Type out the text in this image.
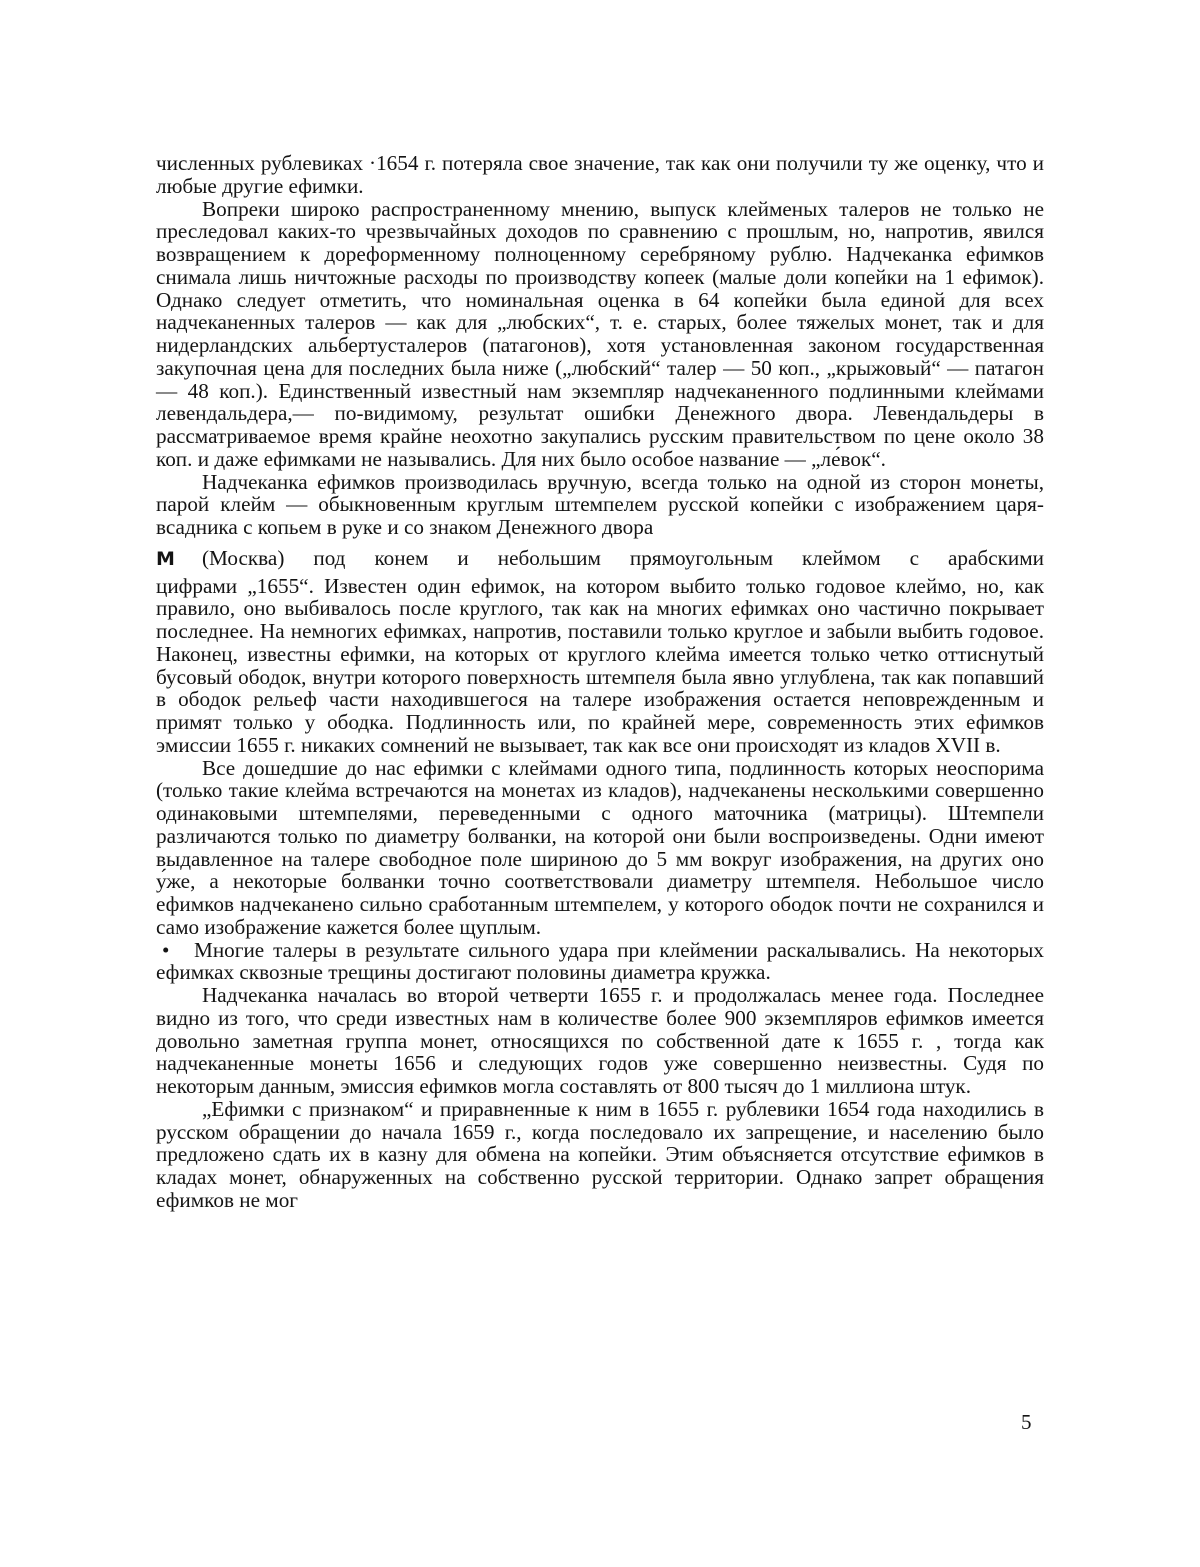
численных рублевиках ·1654 г. потеряла свое значение, так как они получили ту же оценку, что и любые другие ефимки.

Вопреки широко распространенному мнению, выпуск клейменых талеров не только не преследовал каких-то чрезвычайных доходов по сравнению с прошлым, но, напротив, явился возвращением к дореформенному полноценному серебряному рублю. Надчеканка ефимков снимала лишь ничтожные расходы по производству копеек (малые доли копейки на 1 ефимок). Однако следует отметить, что номинальная оценка в 64 копейки была единой для всех надчеканенных талеров — как для „любских“, т. е. старых, более тяжелых монет, так и для нидерландских альбертусталеров (патагонов), хотя установленная законом государственная закупочная цена для последних была ниже („любский“ талер — 50 коп., „крыжовый“ — патагон — 48 коп.). Единственный известный нам экземпляр надчеканенного подлинными клеймами левендальдера,— по-видимому, результат ошибки Денежного двора. Левендальдеры в рассматриваемое время крайне неохотно закупались русским правительством по цене около 38 коп. и даже ефимками не назывались. Для них было особое название — „ле́вок“.

Надчеканка ефимков производилась вручную, всегда только на одной из сторон монеты, парой клейм — обыкновенным круглым штемпелем русской копейки с изображением царя-всадника с копьем в руке и со знаком Денежного двора

M (Москва) под конем и небольшим прямоугольным клеймом с арабскими

цифрами „1655“. Известен один ефимок, на котором выбито только годовое клеймо, но, как правило, оно выбивалось после круглого, так как на многих ефимках оно частично покрывает последнее. На немногих ефимках, напротив, поставили только круглое и забыли выбить годовое. Наконец, известны ефимки, на которых от круглого клейма имеется только четко оттиснутый бусовый ободок, внутри которого поверхность штемпеля была явно углублена, так как попавший в ободок рельеф части находившегося на талере изображения остается неповрежденным и примят только у ободка. Подлинность или, по крайней мере, современность этих ефимков эмиссии 1655 г. никаких сомнений не вызывает, так как все они происходят из кладов XVII в.

Все дошедшие до нас ефимки с клеймами одного типа, подлинность которых неоспорима (только такие клейма встречаются на монетах из кладов), надчеканены несколькими совершенно одинаковыми штемпелями, переведенными с одного маточника (матрицы). Штемпели различаются только по диаметру болванки, на которой они были воспроизведены. Одни имеют выдавленное на талере свободное поле шириною до 5 мм вокруг изображения, на других оно у́же, а некоторые болванки точно соответствовали диаметру штемпеля. Небольшое число ефимков надчеканено сильно сработанным штемпелем, у которого ободок почти не сохранился и само изображение кажется более щуплым.

• Многие талеры в результате сильного удара при клеймении раскалывались. На некоторых ефимках сквозные трещины достигают половины диаметра кружка.

Надчеканка началась во второй четверти 1655 г. и продолжалась менее года. Последнее видно из того, что среди известных нам в количестве более 900 экземпляров ефимков имеется довольно заметная группа монет, относящихся по собственной дате к 1655 г. , тогда как надчеканенные монеты 1656 и следующих годов уже совершенно неизвестны. Судя по некоторым данным, эмиссия ефимков могла составлять от 800 тысяч до 1 миллиона штук.

„Ефимки с признаком“ и приравненные к ним в 1655 г. рублевики 1654 года находились в русском обращении до начала 1659 г., когда последовало их запрещение, и населению было предложено сдать их в казну для обмена на копейки. Этим объясняется отсутствие ефимков в кладах монет, обнаруженных на собственно русской территории. Однако запрет обращения ефимков не мог

5
